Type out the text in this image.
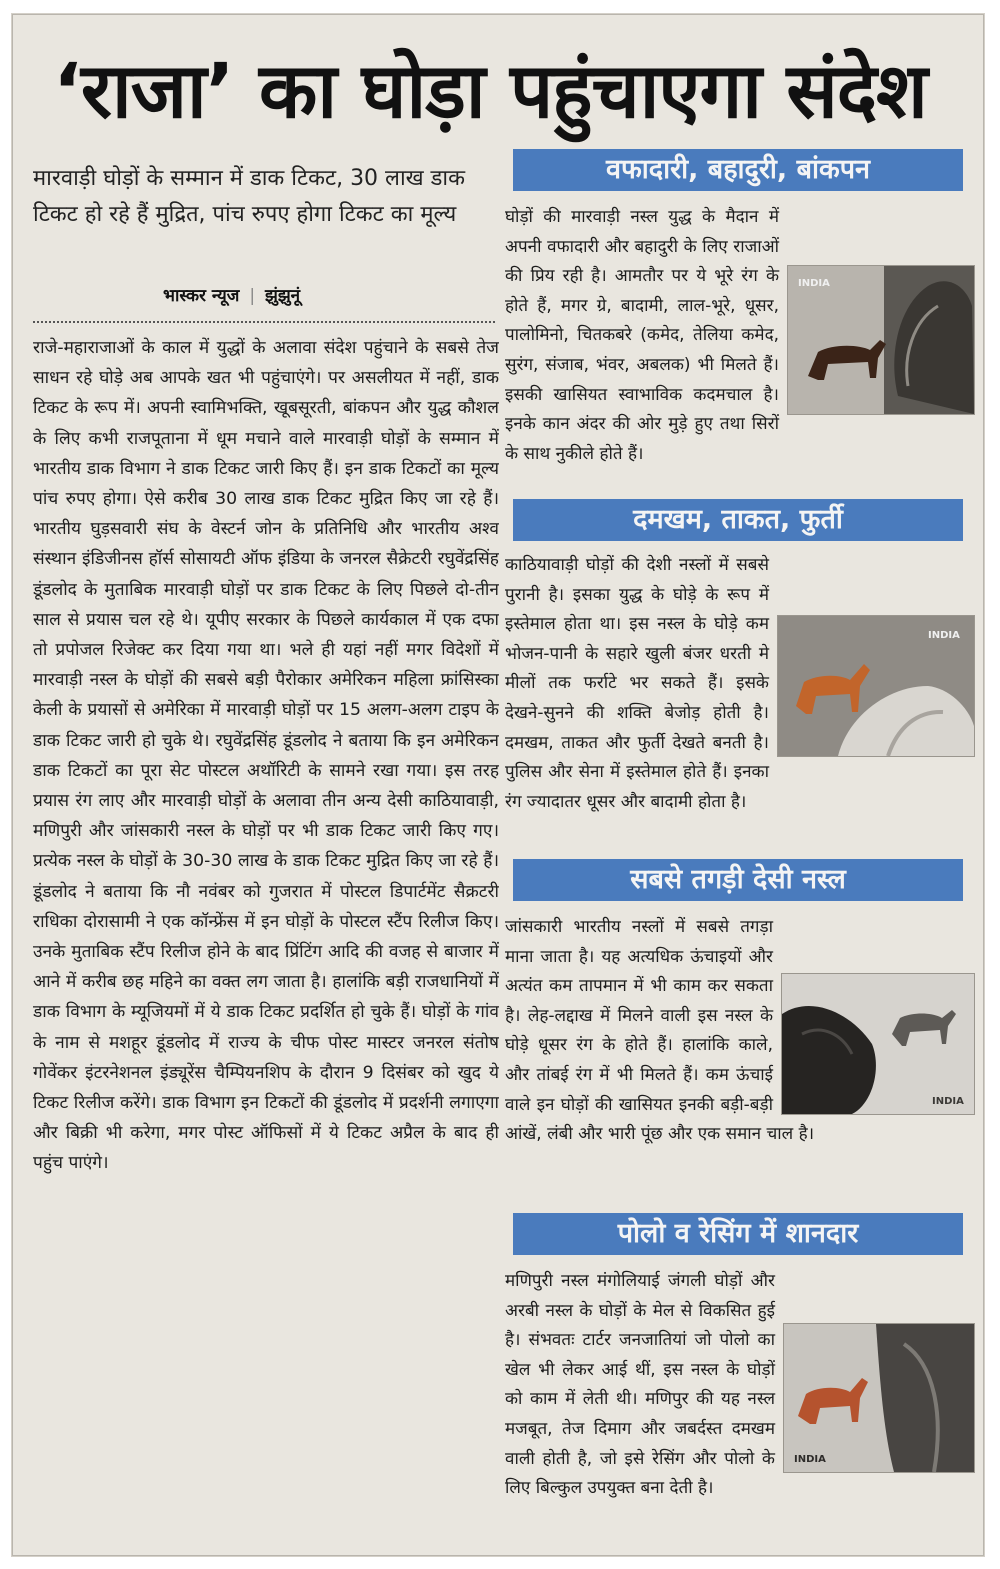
‘राजा’ का घोड़ा पहुंचाएगा संदेश
मारवाड़ी घोड़ों के सम्मान में डाक टिकट, 30 लाख डाक टिकट हो रहे हैं मुद्रित, पांच रुपए होगा टिकट का मूल्य
भास्कर न्यूज | झुंझुनूं
राजे-महाराजाओं के काल में युद्धों के अलावा संदेश पहुंचाने के सबसे तेज साधन रहे घोड़े अब आपके खत भी पहुंचाएंगे। पर असलीयत में नहीं, डाक टिकट के रूप में। अपनी स्वामिभक्ति, खूबसूरती, बांकपन और युद्ध कौशल के लिए कभी राजपूताना में धूम मचाने वाले मारवाड़ी घोड़ों के सम्मान में भारतीय डाक विभाग ने डाक टिकट जारी किए हैं। इन डाक टिकटों का मूल्य पांच रुपए होगा। ऐसे करीब 30 लाख डाक टिकट मुद्रित किए जा रहे हैं। भारतीय घुड़सवारी संघ के वेस्टर्न जोन के प्रतिनिधि और भारतीय अश्व संस्थान इंडिजीनस हॉर्स सोसायटी ऑफ इंडिया के जनरल सैक्रेटरी रघुवेंद्रसिंह डूंडलोद के मुताबिक मारवाड़ी घोड़ों पर डाक टिकट के लिए पिछले दो-तीन साल से प्रयास चल रहे थे। यूपीए सरकार के पिछले कार्यकाल में एक दफा तो प्रपोजल रिजेक्ट कर दिया गया था। भले ही यहां नहीं मगर विदेशों में मारवाड़ी नस्ल के घोड़ों की सबसे बड़ी पैरोकार अमेरिकन महिला फ्रांसिस्का केली के प्रयासों से अमेरिका में मारवाड़ी घोड़ों पर 15 अलग-अलग टाइप के डाक टिकट जारी हो चुके थे। रघुवेंद्रसिंह डूंडलोद ने बताया कि इन अमेरिकन डाक टिकटों का पूरा सेट पोस्टल अथॉरिटी के सामने रखा गया। इस तरह प्रयास रंग लाए और मारवाड़ी घोड़ों के अलावा तीन अन्य देसी काठियावाड़ी, मणिपुरी और जांसकारी नस्ल के घोड़ों पर भी डाक टिकट जारी किए गए। प्रत्येक नस्ल के घोड़ों के 30-30 लाख के डाक टिकट मुद्रित किए जा रहे हैं। डूंडलोद ने बताया कि नौ नवंबर को गुजरात में पोस्टल डिपार्टमेंट सैक्रटरी राधिका दोरासामी ने एक कॉन्फ्रेंस में इन घोड़ों के पोस्टल स्टैंप रिलीज किए। उनके मुताबिक स्टैंप रिलीज होने के बाद प्रिंटिंग आदि की वजह से बाजार में आने में करीब छह महिने का वक्त लग जाता है। हालांकि बड़ी राजधानियों में डाक विभाग के म्यूजियमों में ये डाक टिकट प्रदर्शित हो चुके हैं। घोड़ों के गांव के नाम से मशहूर डूंडलोद में राज्य के चीफ पोस्ट मास्टर जनरल संतोष गोवेंकर इंटरनेशनल इंड्यूरेंस चैम्पियनशिप के दौरान 9 दिसंबर को खुद ये टिकट रिलीज करेंगे। डाक विभाग इन टिकटों की डूंडलोद में प्रदर्शनी लगाएगा और बिक्री भी करेगा, मगर पोस्ट ऑफिसों में ये टिकट अप्रैल के बाद ही पहुंच पाएंगे।
वफादारी, बहादुरी, बांकपन
INDIA

घोड़ों की मारवाड़ी नस्ल युद्ध के मैदान में अपनी वफादारी और बहादुरी के लिए राजाओं की प्रिय रही है। आमतौर पर ये भूरे रंग के होते हैं, मगर ग्रे, बादामी, लाल-भूरे, धूसर, पालोमिनो, चितकबरे (कमेद, तेलिया कमेद, सुरंग, संजाब, भंवर, अबलक) भी मिलते हैं। इसकी खासियत स्वाभाविक कदमचाल है। इनके कान अंदर की ओर मुड़े हुए तथा सिरों के साथ नुकीले होते हैं।

दमखम, ताकत, फुर्ती
INDIA

काठियावाड़ी घोड़ों की देशी नस्लों में सबसे पुरानी है। इसका युद्ध के घोड़े के रूप में इस्तेमाल होता था। इस नस्ल के घोड़े कम भोजन-पानी के सहारे खुली बंजर धरती मे मीलों तक फर्राटे भर सकते हैं। इसके देखने-सुनने की शक्ति बेजोड़ होती है। दमखम, ताकत और फुर्ती देखते बनती है। पुलिस और सेना में इस्तेमाल होते हैं। इनका रंग ज्यादातर धूसर और बादामी होता है।

सबसे तगड़ी देसी नस्ल
INDIA

जांसकारी भारतीय नस्लों में सबसे तगड़ा माना जाता है। यह अत्यधिक ऊंचाइयों और अत्यंत कम तापमान में भी काम कर सकता है। लेह-लद्दाख में मिलने वाली इस नस्ल के घोड़े धूसर रंग के होते हैं। हालांकि काले, और तांबई रंग में भी मिलते हैं। कम ऊंचाई वाले इन घोड़ों की खासियत इनकी बड़ी-बड़ी आंखें, लंबी और भारी पूंछ और एक समान चाल है।

पोलो व रेसिंग में शानदार
INDIA

मणिपुरी नस्ल मंगोलियाई जंगली घोड़ों और अरबी नस्ल के घोड़ों के मेल से विकसित हुई है। संभवतः टार्टर जनजातियां जो पोलो का खेल भी लेकर आई थीं, इस नस्ल के घोड़ों को काम में लेती थी। मणिपुर की यह नस्ल मजबूत, तेज दिमाग और जबर्दस्त दमखम वाली होती है, जो इसे रेसिंग और पोलो के लिए बिल्कुल उपयुक्त बना देती है।
